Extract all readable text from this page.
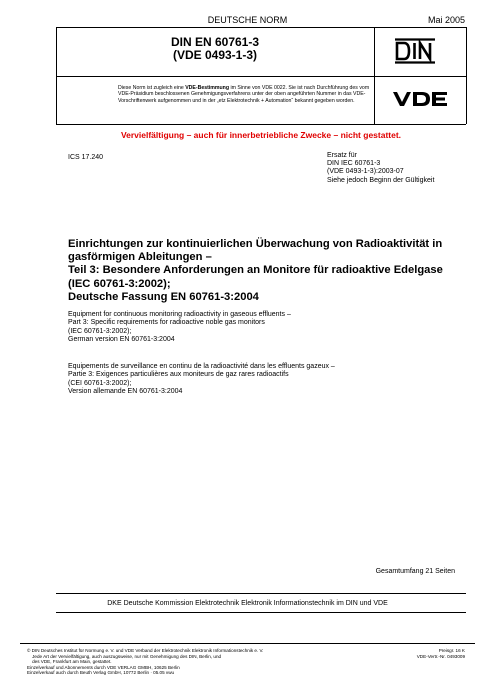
DEUTSCHE NORM	Mai 2005
DIN EN 60761-3
(VDE 0493-1-3)
Diese Norm ist zugleich eine VDE-Bestimmung im Sinne von VDE 0022. Sie ist nach Durchführung des vom VDE-Präsidium beschlossenen Genehmigungsverfahrens unter der oben angeführten Nummer in das VDE-Vorschriftenwerk aufgenommen und in der „etz Elektrotechnik + Automation“ bekannt gegeben worden.
Vervielfältigung – auch für innerbetriebliche Zwecke – nicht gestattet.
ICS 17.240	Ersatz für
DIN IEC 60761-3
(VDE 0493-1-3):2003-07
Siehe jedoch Beginn der Gültigkeit
Einrichtungen zur kontinuierlichen Überwachung von Radioaktivität in
gasförmigen Ableitungen –
Teil 3: Besondere Anforderungen an Monitore für radioaktive Edelgase
(IEC 60761-3:2002);
Deutsche Fassung EN 60761-3:2004
Equipment for continuous monitoring radioactivity in gaseous effluents –
Part 3: Specific requirements for radioactive noble gas monitors
(IEC 60761-3:2002);
German version EN 60761-3:2004
Equipements de surveillance en continu de la radioactivité dans les effluents gazeux –
Partie 3: Exigences particulières aux moniteurs de gaz rares radioactifs
(CEI 60761-3:2002);
Version allemande EN 60761-3:2004
Gesamtumfang 21 Seiten
DKE Deutsche Kommission Elektrotechnik Elektronik Informationstechnik im DIN und VDE
© DIN Deutsches Institut für Normung e. V. und VDE Verband der Elektrotechnik Elektronik Informationstechnik e. V.
Jede Art der Vervielfältigung, auch auszugsweise, nur mit Genehmigung des DIN, Berlin, und
des VDE, Frankfurt am Main, gestattet.
Einzelverkauf und Abonnements durch VDE VERLAG GMBH, 10625 Berlin
Einzelverkauf auch durch Beuth Verlag GmbH, 10772 Berlin · 05.05 vwu
Preisgr. 16 K
VDE-Vertr.-Nr. 0493009
